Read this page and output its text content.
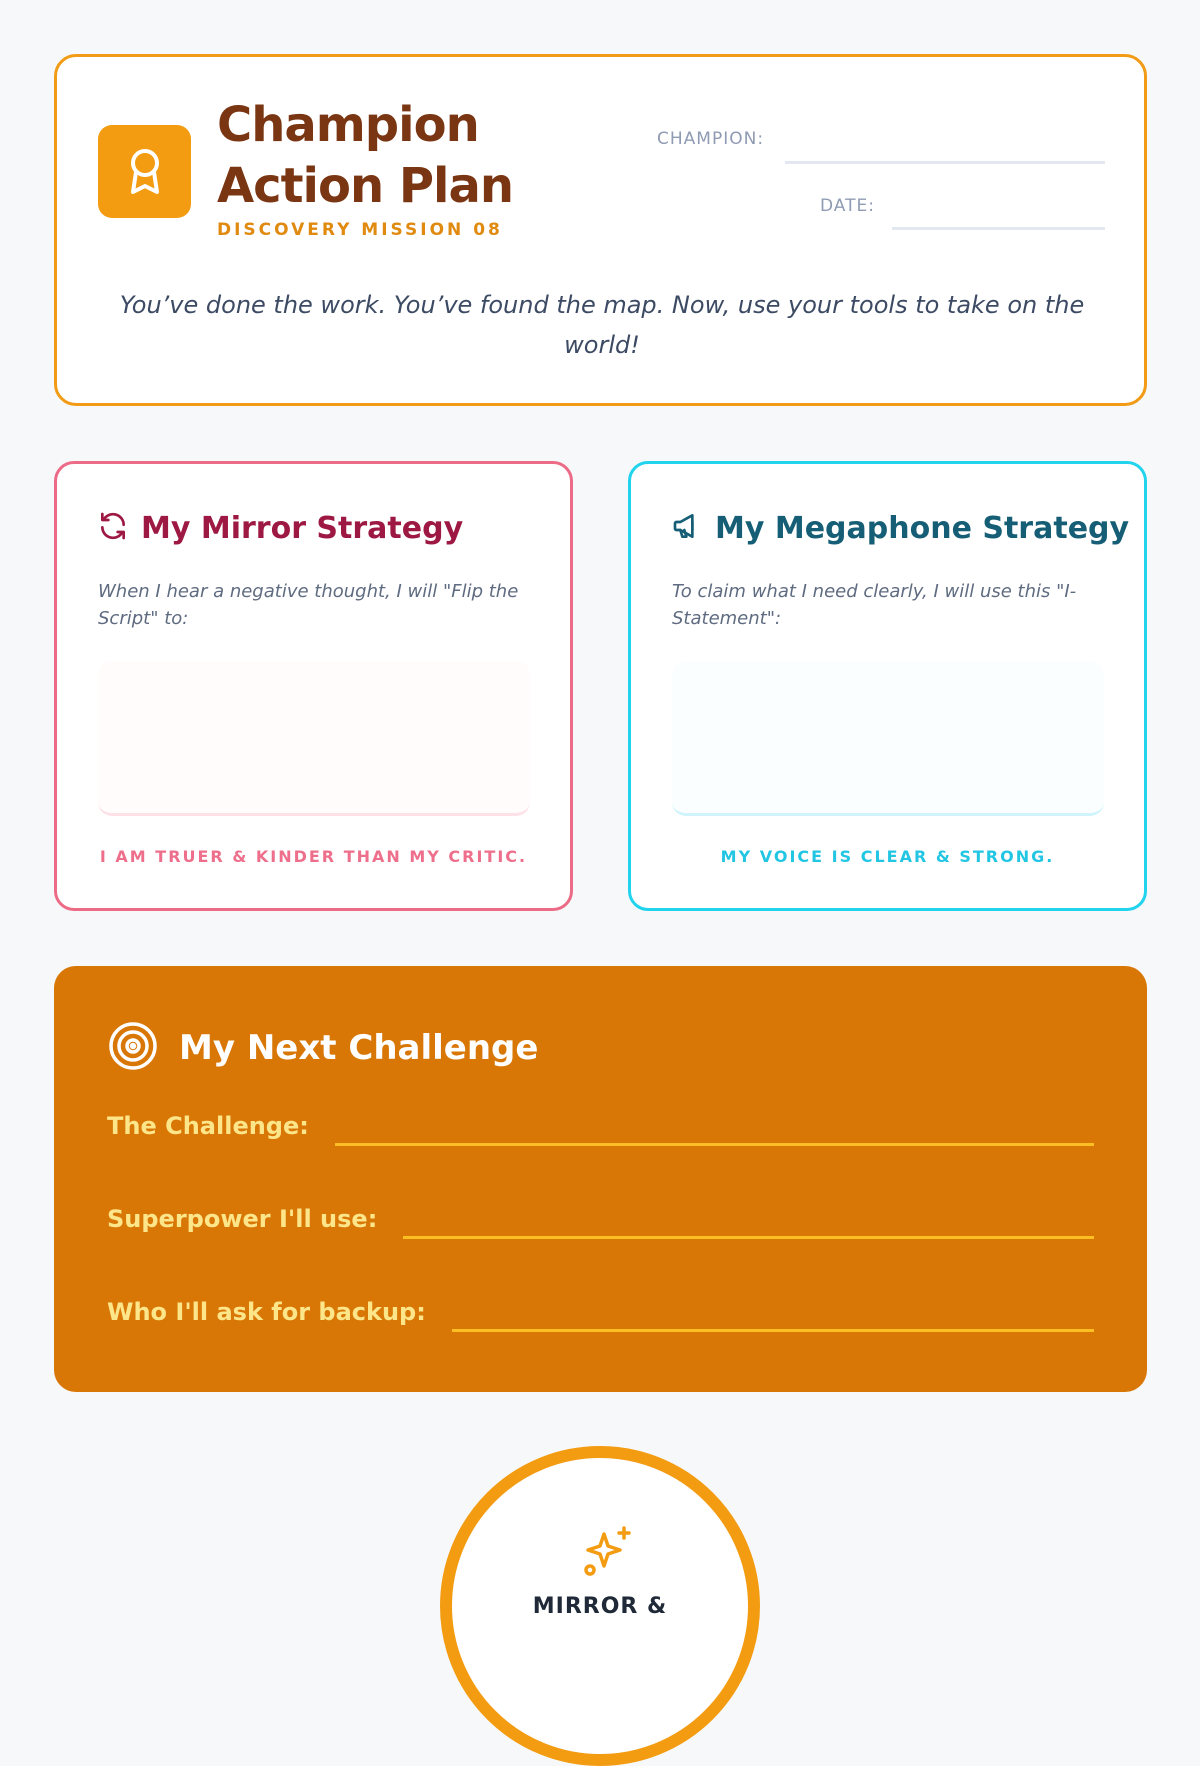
Champion Action Plan
DISCOVERY MISSION 08
CHAMPION:
DATE:

You’ve done the work. You’ve found the map. Now, use your tools to take on the world!

My Mirror Strategy

When I hear a negative thought, I will "Flip the Script" to:

I AM TRUER & KINDER THAN MY CRITIC.
My Megaphone Strategy

To claim what I need clearly, I will use this "I-Statement":

MY VOICE IS CLEAR & STRONG.
My Next Challenge
The Challenge:
Superpower I'll use:
Who I'll ask for backup:
MIRROR &
